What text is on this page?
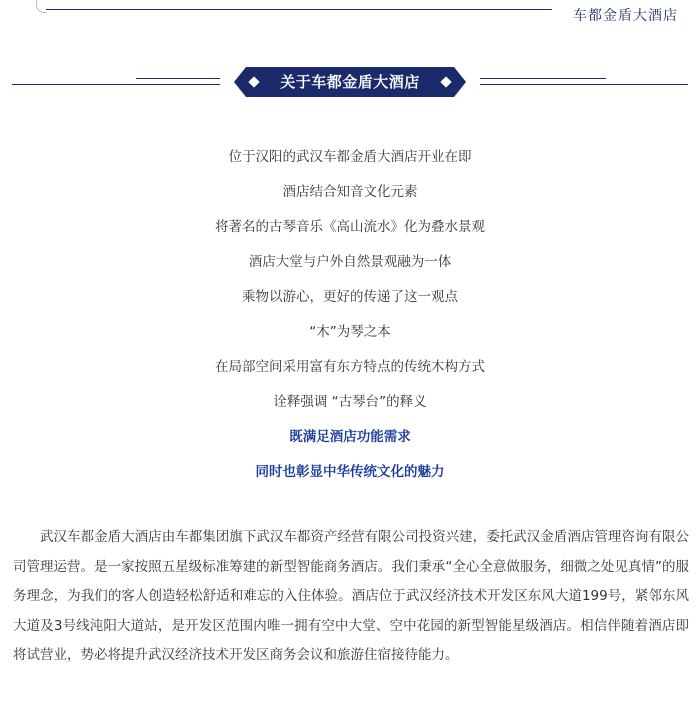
车都金盾大酒店
关于车都金盾大酒店
位于汉阳的武汉车都金盾大酒店开业在即
酒店结合知音文化元素
将著名的古琴音乐《高山流水》化为叠水景观
酒店大堂与户外自然景观融为一体
乘物以游心，更好的传递了这一观点
“木”为琴之本
在局部空间采用富有东方特点的传统木构方式
诠释强调 “古琴台”的释义
既满足酒店功能需求
同时也彰显中华传统文化的魅力

武汉车都金盾大酒店由车都集团旗下武汉车都资产经营有限公司投资兴建，委托武汉金盾酒店管理咨询有限公司管理运营。是一家按照五星级标准筹建的新型智能商务酒店。我们秉承“全心全意做服务，细微之处见真情”的服务理念，为我们的客人创造轻松舒适和难忘的入住体验。酒店位于武汉经济技术开发区东风大道199号，紧邻东风大道及3号线沌阳大道站，是开发区范围内唯一拥有空中大堂、空中花园的新型智能星级酒店。相信伴随着酒店即将试营业，势必将提升武汉经济技术开发区商务会议和旅游住宿接待能力。
